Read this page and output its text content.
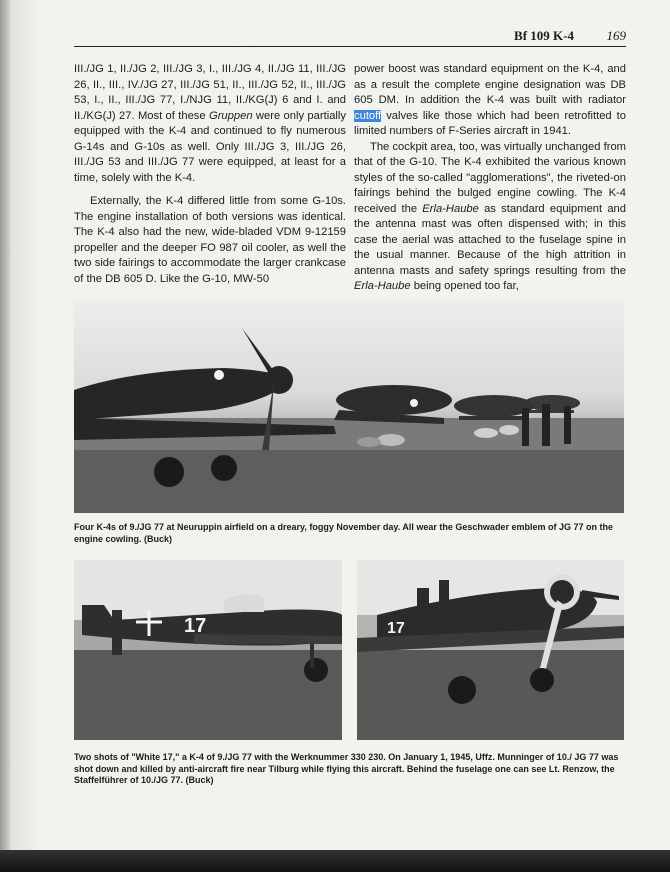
Bf 109 K-4	169

III./JG 1, II./JG 2, III./JG 3, I., III./JG 4, II./JG 11, III./JG 26, II., III., IV./JG 27, III./JG 51, II., III./JG 52, II., III./JG 53, I., II., III./JG 77, I./NJG 11, II./KG(J) 6 and I. and II./KG(J) 27. Most of these Gruppen were only partially equipped with the K-4 and continued to fly numerous G-14s and G-10s as well. Only III./JG 3, III./JG 26, III./JG 53 and III./JG 77 were equipped, at least for a time, solely with the K-4.

Externally, the K-4 differed little from some G-10s. The engine installation of both versions was identical. The K-4 also had the new, wide-bladed VDM 9-12159 propeller and the deeper FO 987 oil cooler, as well the two side fairings to accommodate the larger crankcase of the DB 605 D. Like the G-10, MW-50

power boost was standard equipment on the K-4, and as a result the complete engine designation was DB 605 DM. In addition the K-4 was built with radiator cutoff valves like those which had been retrofitted to limited numbers of F-Series aircraft in 1941.

The cockpit area, too, was virtually unchanged from that of the G-10. The K-4 exhibited the various known styles of the so-called "agglomerations", the riveted-on fairings behind the bulged engine cowling. The K-4 received the Erla-Haube as standard equipment and the antenna mast was often dispensed with; in this case the aerial was attached to the fuselage spine in the usual manner. Because of the high attrition in antenna masts and safety springs resulting from the Erla-Haube being opened too far,

Four K-4s of 9./JG 77 at Neuruppin airfield on a dreary, foggy November day. All wear the Geschwader emblem of JG 77 on the engine cowling. (Buck)
17	17
Two shots of "White 17," a K-4 of 9./JG 77 with the Werknummer 330 230. On January 1, 1945, Uffz. Munninger of 10./ JG 77 was shot down and killed by anti-aircraft fire near Tilburg while flying this aircraft. Behind the fuselage one can see Lt. Renzow, the Staffelführer of 10./JG 77. (Buck)
